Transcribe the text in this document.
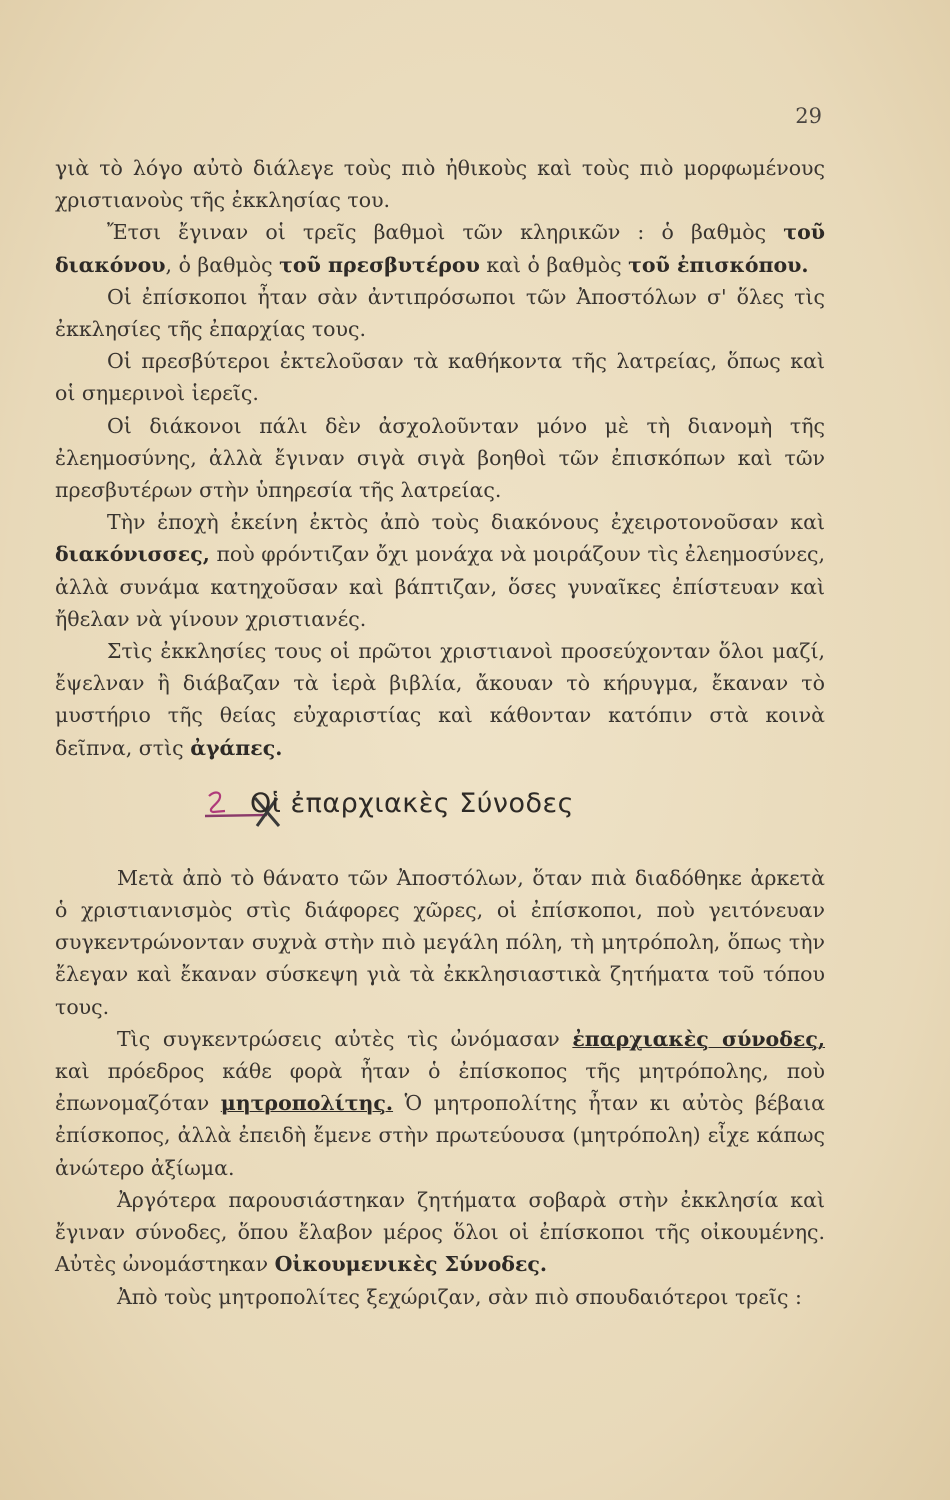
29

γιὰ τὸ λόγο αὐτὸ διάλεγε τοὺς πιὸ ἠθικοὺς καὶ τοὺς πιὸ μορφωμένους χριστιανοὺς τῆς ἐκκλησίας του.

Ἔτσι ἔγιναν οἱ τρεῖς βαθμοὶ τῶν κληρικῶν : ὁ βαθμὸς τοῦ διακόνου, ὁ βαθμὸς τοῦ πρεσβυτέρου καὶ ὁ βαθμὸς τοῦ ἐπισκόπου.

Οἱ ἐπίσκοποι ἦταν σὰν ἀντιπρόσωποι τῶν Ἀποστόλων σ' ὅλες τὶς ἐκκλησίες τῆς ἐπαρχίας τους.

Οἱ πρεσβύτεροι ἐκτελοῦσαν τὰ καθήκοντα τῆς λατρείας, ὅπως καὶ οἱ σημερινοὶ ἱερεῖς.

Οἱ διάκονοι πάλι δὲν ἀσχολοῦνταν μόνο μὲ τὴ διανομὴ τῆς ἐλεημοσύνης, ἀλλὰ ἔγιναν σιγὰ σιγὰ βοηθοὶ τῶν ἐπισκόπων καὶ τῶν πρεσβυτέρων στὴν ὑπηρεσία τῆς λατρείας.

Τὴν ἐποχὴ ἐκείνη ἐκτὸς ἀπὸ τοὺς διακόνους ἐχειροτονοῦσαν καὶ διακόνισσες, ποὺ φρόντιζαν ὄχι μονάχα νὰ μοιράζουν τὶς ἐλεημοσύνες, ἀλλὰ συνάμα κατηχοῦσαν καὶ βάπτιζαν, ὅσες γυναῖκες ἐπίστευαν καὶ ἤθελαν νὰ γίνουν χριστιανές.

Στὶς ἐκκλησίες τους οἱ πρῶτοι χριστιανοὶ προσεύχονταν ὅλοι μαζί, ἔψελναν ἢ διάβαζαν τὰ ἱερὰ βιβλία, ἄκουαν τὸ κήρυγμα, ἔκαναν τὸ μυστήριο τῆς θείας εὐχαριστίας καὶ κάθονταν κατόπιν στὰ κοινὰ δεῖπνα, στὶς ἀγάπες.

Οἱ ἐπαρχιακὲς Σύνοδες

Μετὰ ἀπὸ τὸ θάνατο τῶν Ἀποστόλων, ὅταν πιὰ διαδόθηκε ἀρκετὰ ὁ χριστιανισμὸς στὶς διάφορες χῶρες, οἱ ἐπίσκοποι, ποὺ γειτόνευαν συγκεντρώνονταν συχνὰ στὴν πιὸ μεγάλη πόλη, τὴ μητρόπολη, ὅπως τὴν ἔλεγαν καὶ ἔκαναν σύσκεψη γιὰ τὰ ἐκκλησιαστικὰ ζητήματα τοῦ τόπου τους.

Τὶς συγκεντρώσεις αὐτὲς τὶς ὠνόμασαν ἐπαρχιακὲς σύνοδες, καὶ πρόεδρος κάθε φορὰ ἦταν ὁ ἐπίσκοπος τῆς μητρόπολης, ποὺ ἐπωνομαζόταν μητροπολίτης. Ὁ μητροπολίτης ἦταν κι αὐτὸς βέβαια ἐπίσκοπος, ἀλλὰ ἐπειδὴ ἔμενε στὴν πρωτεύουσα (μητρόπολη) εἶχε κάπως ἀνώτερο ἀξίωμα.

Ἀργότερα παρουσιάστηκαν ζητήματα σοβαρὰ στὴν ἐκκλησία καὶ ἔγιναν σύνοδες, ὅπου ἔλαβον μέρος ὅλοι οἱ ἐπίσκοποι τῆς οἰκουμένης. Αὐτὲς ὠνομάστηκαν Οἰκουμενικὲς Σύνοδες.

Ἀπὸ τοὺς μητροπολίτες ξεχώριζαν, σὰν πιὸ σπουδαιότεροι τρεῖς :
